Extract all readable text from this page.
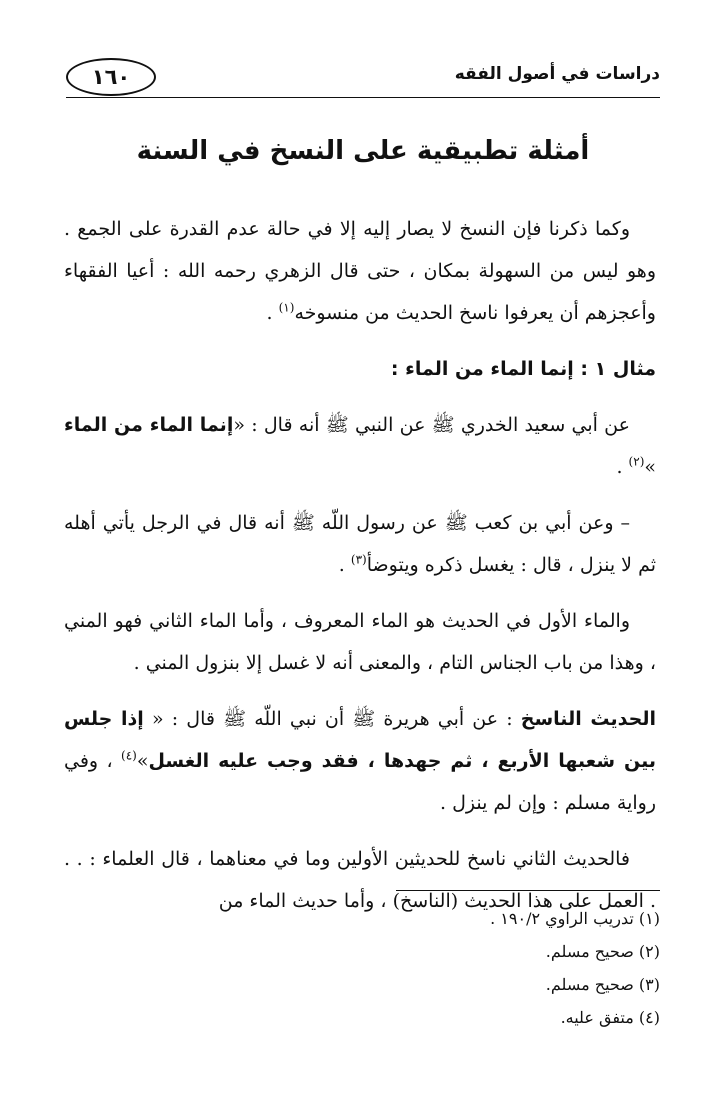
١٦٠	دراسات في أصول الفقه
أمثلة تطبيقية على النسخ في السنة

وكما ذكرنا فإن النسخ لا يصار إليه إلا في حالة عدم القدرة على الجمع . وهو ليس من السهولة بمكان ، حتى قال الزهري رحمه الله : أعيا الفقهاء وأعجزهم أن يعرفوا ناسخ الحديث من منسوخه$^{(١)}$ .

مثال ١ : إنما الماء من الماء :

عن أبي سعيد الخدري ﷺ عن النبي ﷺ أنه قال : «إنما الماء من الماء »$^{(٢)}$ .

– وعن أبي بن كعب ﷺ عن رسول اللّه ﷺ أنه قال في الرجل يأتي أهله ثم لا ينزل ، قال : يغسل ذكره ويتوضأ$^{(٣)}$ .

والماء الأول في الحديث هو الماء المعروف ، وأما الماء الثاني فهو المني ، وهذا من باب الجناس التام ، والمعنى أنه لا غسل إلا بنزول المني .

الحديث الناسخ : عن أبي هريرة ﷺ أن نبي اللّه ﷺ قال : « إذا جلس بين شعبها الأربع ، ثم جهدها ، فقد وجب عليه الغسل»$^{(٤)}$ ، وفي رواية مسلم : وإن لم ينزل .

فالحديث الثاني ناسخ للحديثين الأولين وما في معناهما ، قال العلماء : . . . العمل على هذا الحديث (الناسخ) ، وأما حديث الماء من

(١) تدريب الراوي ١٩٠/٢ .
(٢) صحيح مسلم.
(٣) صحيح مسلم.
(٤) متفق عليه.
